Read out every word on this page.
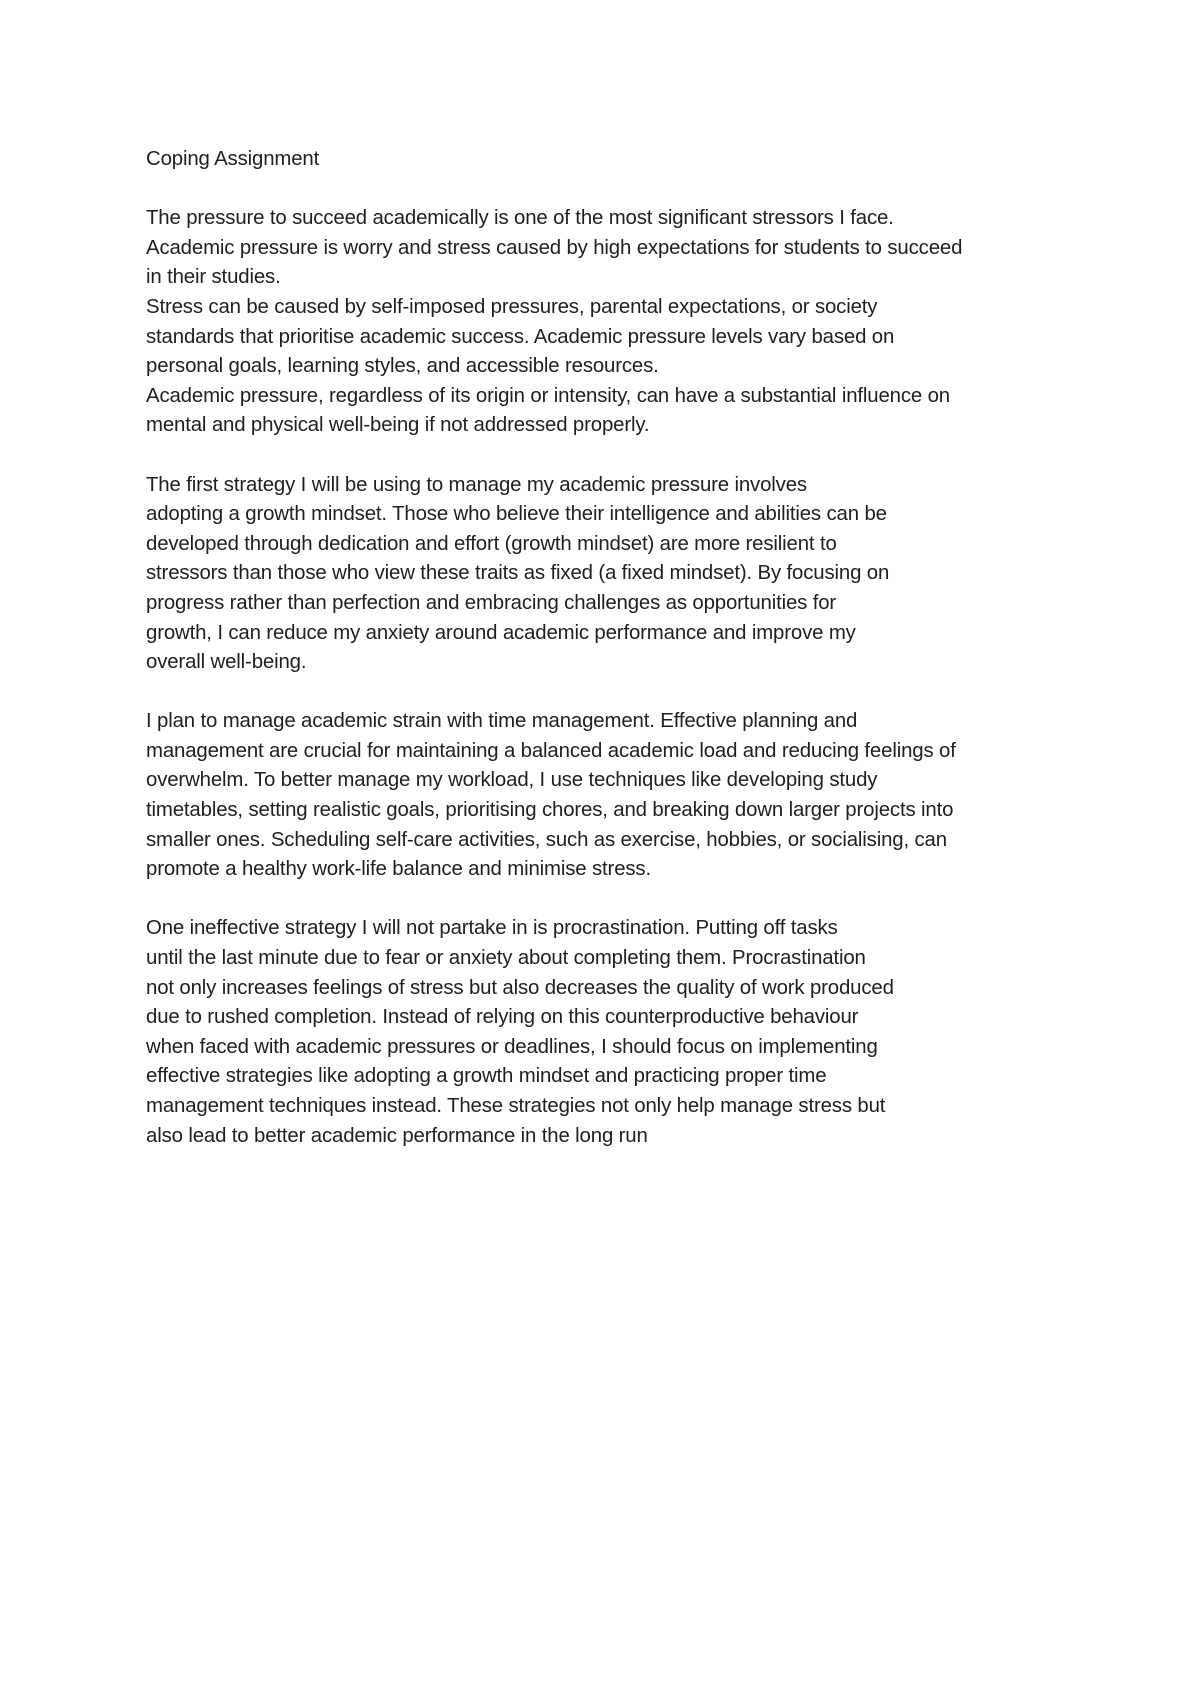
Coping Assignment
The pressure to succeed academically is one of the most significant stressors I face.
Academic pressure is worry and stress caused by high expectations for students to succeed
in their studies.
Stress can be caused by self-imposed pressures, parental expectations, or society
standards that prioritise academic success. Academic pressure levels vary based on
personal goals, learning styles, and accessible resources.
Academic pressure, regardless of its origin or intensity, can have a substantial influence on
mental and physical well-being if not addressed properly.
The first strategy I will be using to manage my academic pressure involves
adopting a growth mindset. Those who believe their intelligence and abilities can be
developed through dedication and effort (growth mindset) are more resilient to
stressors than those who view these traits as fixed (a fixed mindset). By focusing on
progress rather than perfection and embracing challenges as opportunities for
growth, I can reduce my anxiety around academic performance and improve my
overall well-being.
I plan to manage academic strain with time management. Effective planning and
management are crucial for maintaining a balanced academic load and reducing feelings of
overwhelm. To better manage my workload, I use techniques like developing study
timetables, setting realistic goals, prioritising chores, and breaking down larger projects into
smaller ones. Scheduling self-care activities, such as exercise, hobbies, or socialising, can
promote a healthy work-life balance and minimise stress.
One ineffective strategy I will not partake in is procrastination. Putting off tasks
until the last minute due to fear or anxiety about completing them. Procrastination
not only increases feelings of stress but also decreases the quality of work produced
due to rushed completion. Instead of relying on this counterproductive behaviour
when faced with academic pressures or deadlines, I should focus on implementing
effective strategies like adopting a growth mindset and practicing proper time
management techniques instead. These strategies not only help manage stress but
also lead to better academic performance in the long run
